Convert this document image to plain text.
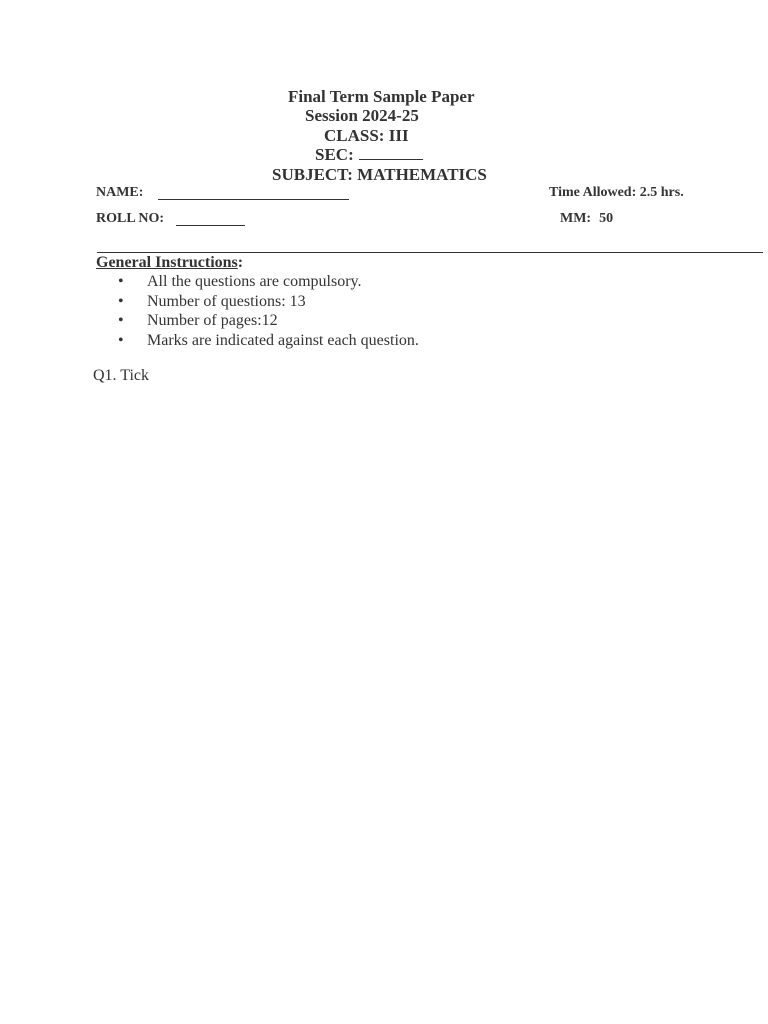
Final Term Sample Paper
Session 2024-25
CLASS: III
SEC:
SUBJECT: MATHEMATICS
NAME:	Time Allowed: 2.5 hrs.
ROLL NO:	MM: 50
General Instructions:
• All the questions are compulsory.
• Number of questions: 13
• Number of pages:12
• Marks are indicated against each question.
Q1. Tick
